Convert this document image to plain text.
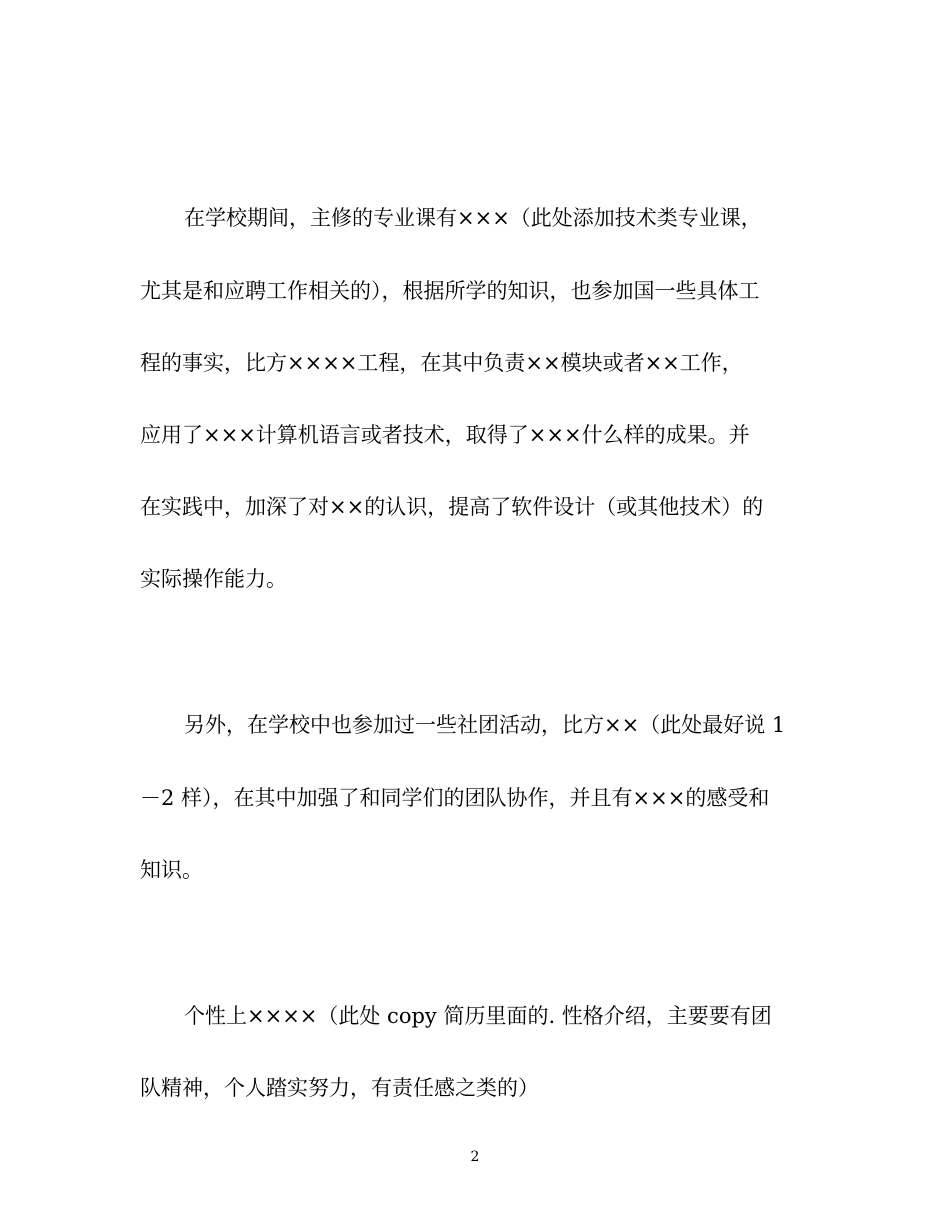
在学校期间，主修的专业课有×××（此处添加技术类专业课，
尤其是和应聘工作相关的），根据所学的知识，也参加国一些具体工
程的事实，比方××××工程，在其中负责××模块或者××工作，
应用了×××计算机语言或者技术，取得了×××什么样的成果。并
在实践中，加深了对××的认识，提高了软件设计（或其他技术）的
实际操作能力。
另外，在学校中也参加过一些社团活动，比方××（此处最好说 1
－2 样），在其中加强了和同学们的团队协作，并且有×××的感受和
知识。
个性上××××（此处 copy 简历里面的. 性格介绍，主要要有团
队精神，个人踏实努力，有责任感之类的）
2
